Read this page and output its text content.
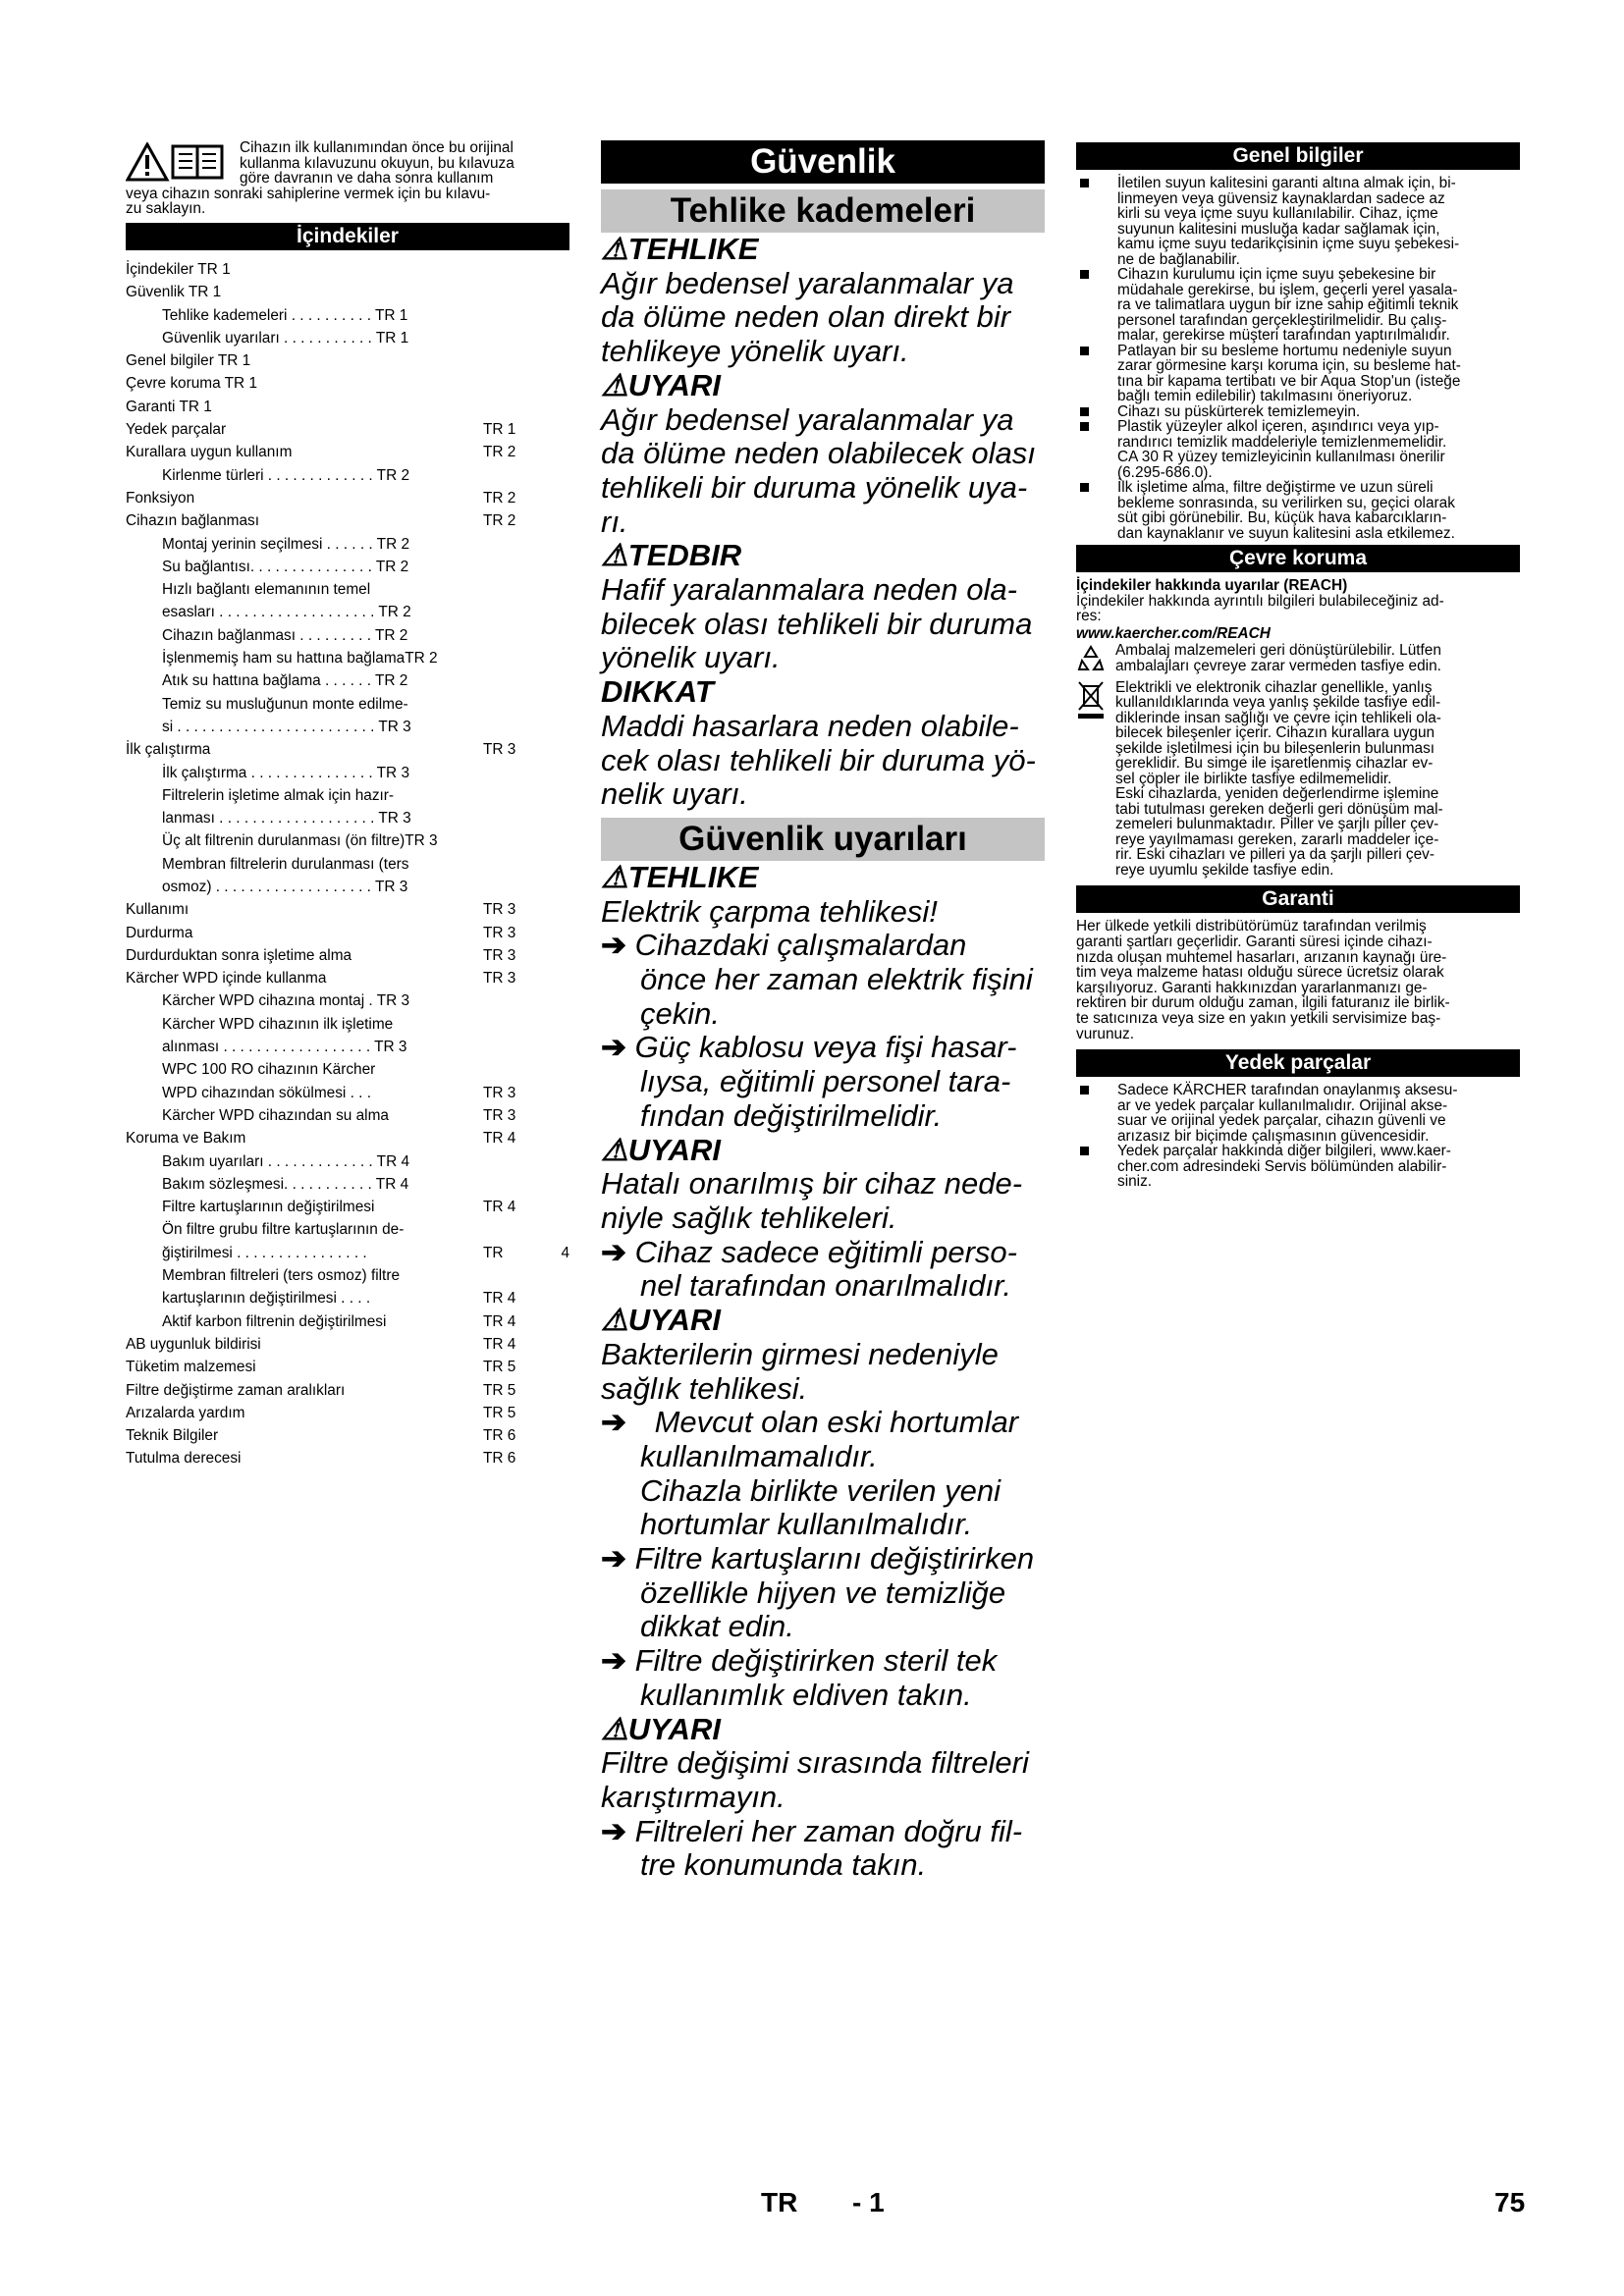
Cihazın ilk kullanımından önce bu orijinal
kullanma kılavuzunu okuyun, bu kılavuza
göre davranın ve daha sonra kullanım
veya cihazın sonraki sahiplerine vermek için bu kılavu-
zu saklayın.
İçindekiler
İçindekiler TR 1
Güvenlik TR 1
Tehlike kademeleri . . . . . . . . . . TR 1
Güvenlik uyarıları . . . . . . . . . . . TR 1
Genel bilgiler TR 1
Çevre koruma TR 1
Garanti TR 1
Yedek parçalar	TR 1
Kurallara uygun kullanım	TR 2
Kirlenme türleri . . . . . . . . . . . . . TR 2
Fonksiyon	TR 2
Cihazın bağlanması	TR 2
Montaj yerinin seçilmesi . . . . . . TR 2
Su bağlantısı. . . . . . . . . . . . . . . TR 2
Hızlı bağlantı elemanının temel
esasları . . . . . . . . . . . . . . . . . . . TR 2
Cihazın bağlanması . . . . . . . . . TR 2
İşlenmemiş ham su hattına bağlamaTR 2
Atık su hattına bağlama . . . . . . TR 2
Temiz su musluğunun monte edilme-
si . . . . . . . . . . . . . . . . . . . . . . . . TR 3
İlk çalıştırma	TR 3
İlk çalıştırma . . . . . . . . . . . . . . . TR 3
Filtrelerin işletime almak için hazır-
lanması . . . . . . . . . . . . . . . . . . . TR 3
Üç alt filtrenin durulanması (ön filtre)TR 3
Membran filtrelerin durulanması (ters
osmoz) . . . . . . . . . . . . . . . . . . . TR 3
Kullanımı	TR 3
Durdurma	TR 3
Durdurduktan sonra işletime alma	TR 3
Kärcher WPD içinde kullanma	TR 3
Kärcher WPD cihazına montaj . TR 3
Kärcher WPD cihazının ilk işletime
alınması . . . . . . . . . . . . . . . . . . TR 3
WPC 100 RO cihazının Kärcher
WPD cihazından sökülmesi . . .	TR 3
Kärcher WPD cihazından su alma	TR 3
Koruma ve Bakım	TR 4
Bakım uyarıları . . . . . . . . . . . . . TR 4
Bakım sözleşmesi. . . . . . . . . . . TR 4
Filtre kartuşlarının değiştirilmesi	TR 4
Ön filtre grubu filtre kartuşlarının de-
ğiştirilmesi . . . . . . . . . . . . . . . .	TR	4
Membran filtreleri (ters osmoz) filtre
kartuşlarının değiştirilmesi . . . .	TR 4
Aktif karbon filtrenin değiştirilmesi	TR 4
AB uygunluk bildirisi	TR 4
Tüketim malzemesi	TR 5
Filtre değiştirme zaman aralıkları	TR 5
Arızalarda yardım	TR 5
Teknik Bilgiler	TR 6
Tutulma derecesi	TR 6
Güvenlik
Tehlike kademeleri
⚠TEHLIKE
Ağır bedensel yaralanmalar ya
da ölüme neden olan direkt bir
tehlikeye yönelik uyarı.
⚠UYARI
Ağır bedensel yaralanmalar ya
da ölüme neden olabilecek olası
tehlikeli bir duruma yönelik uya-
rı.
⚠TEDBIR
Hafif yaralanmalara neden ola-
bilecek olası tehlikeli bir duruma
yönelik uyarı.
DIKKAT
Maddi hasarlara neden olabile-
cek olası tehlikeli bir duruma yö-
nelik uyarı.
Güvenlik uyarıları
⚠TEHLIKE
Elektrik çarpma tehlikesi!
➔ Cihazdaki çalışmalardan
önce her zaman elektrik fişini
çekin.
➔ Güç kablosu veya fişi hasar-
lıysa, eğitimli personel tara-
fından değiştirilmelidir.
⚠UYARI
Hatalı onarılmış bir cihaz nede-
niyle sağlık tehlikeleri.
➔ Cihaz sadece eğitimli perso-
nel tarafından onarılmalıdır.
⚠UYARI
Bakterilerin girmesi nedeniyle
sağlık tehlikesi.
➔ Mevcut olan eski hortumlar
kullanılmamalıdır.
Cihazla birlikte verilen yeni
hortumlar kullanılmalıdır.
➔ Filtre kartuşlarını değiştirirken
özellikle hijyen ve temizliğe
dikkat edin.
➔ Filtre değiştirirken steril tek
kullanımlık eldiven takın.
⚠UYARI
Filtre değişimi sırasında filtreleri
karıştırmayın.
➔ Filtreleri her zaman doğru fil-
tre konumunda takın.
Genel bilgiler
İletilen suyun kalitesini garanti altına almak için, bi-
linmeyen veya güvensiz kaynaklardan sadece az
kirli su veya içme suyu kullanılabilir. Cihaz, içme
suyunun kalitesini musluğa kadar sağlamak için,
kamu içme suyu tedarikçisinin içme suyu şebekesi-
ne de bağlanabilir.
Cihazın kurulumu için içme suyu şebekesine bir
müdahale gerekirse, bu işlem, geçerli yerel yasala-
ra ve talimatlara uygun bir izne sahip eğitimli teknik
personel tarafından gerçekleştirilmelidir. Bu çalış-
malar, gerekirse müşteri tarafından yaptırılmalıdır.
Patlayan bir su besleme hortumu nedeniyle suyun
zarar görmesine karşı koruma için, su besleme hat-
tına bir kapama tertibatı ve bir Aqua Stop'un (isteğe
bağlı temin edilebilir) takılmasını öneriyoruz.
Cihazı su püskürterek temizlemeyin.
Plastik yüzeyler alkol içeren, aşındırıcı veya yıp-
randırıcı temizlik maddeleriyle temizlenmemelidir.
CA 30 R yüzey temizleyicinin kullanılması önerilir
(6.295-686.0).
İlk işletime alma, filtre değiştirme ve uzun süreli
bekleme sonrasında, su verilirken su, geçici olarak
süt gibi görünebilir. Bu, küçük hava kabarcıkların-
dan kaynaklanır ve suyun kalitesini asla etkilemez.
Çevre koruma
İçindekiler hakkında uyarılar (REACH)
İçindekiler hakkında ayrıntılı bilgileri bulabileceğiniz ad-
res:
www.kaercher.com/REACH
Ambalaj malzemeleri geri dönüştürülebilir. Lütfen
ambalajları çevreye zarar vermeden tasfiye edin.
Elektrikli ve elektronik cihazlar genellikle, yanlış
kullanıldıklarında veya yanlış şekilde tasfiye edil-
diklerinde insan sağlığı ve çevre için tehlikeli ola-
bilecek bileşenler içerir. Cihazın kurallara uygun
şekilde işletilmesi için bu bileşenlerin bulunması
gereklidir. Bu simge ile işaretlenmiş cihazlar ev-
sel çöpler ile birlikte tasfiye edilmemelidir.
Eski cihazlarda, yeniden değerlendirme işlemine
tabi tutulması gereken değerli geri dönüşüm mal-
zemeleri bulunmaktadır. Piller ve şarjlı piller çev-
reye yayılmaması gereken, zararlı maddeler içe-
rir. Eski cihazları ve pilleri ya da şarjlı pilleri çev-
reye uyumlu şekilde tasfiye edin.
Garanti
Her ülkede yetkili distribütörümüz tarafından verilmiş
garanti şartları geçerlidir. Garanti süresi içinde cihazı-
nızda oluşan muhtemel hasarları, arızanın kaynağı üre-
tim veya malzeme hatası olduğu sürece ücretsiz olarak
karşılıyoruz. Garanti hakkınızdan yararlanmanızı ge-
rektiren bir durum olduğu zaman, ilgili faturanız ile birlik-
te satıcınıza veya size en yakın yetkili servisimize baş-
vurunuz.
Yedek parçalar
Sadece KÄRCHER tarafından onaylanmış aksesu-
ar ve yedek parçalar kullanılmalıdır. Orijinal akse-
suar ve orijinal yedek parçalar, cihazın güvenli ve
arızasız bir biçimde çalışmasının güvencesidir.
Yedek parçalar hakkında diğer bilgileri, www.kaer-
cher.com adresindeki Servis bölümünden alabilir-
siniz.
TR - 1	75
